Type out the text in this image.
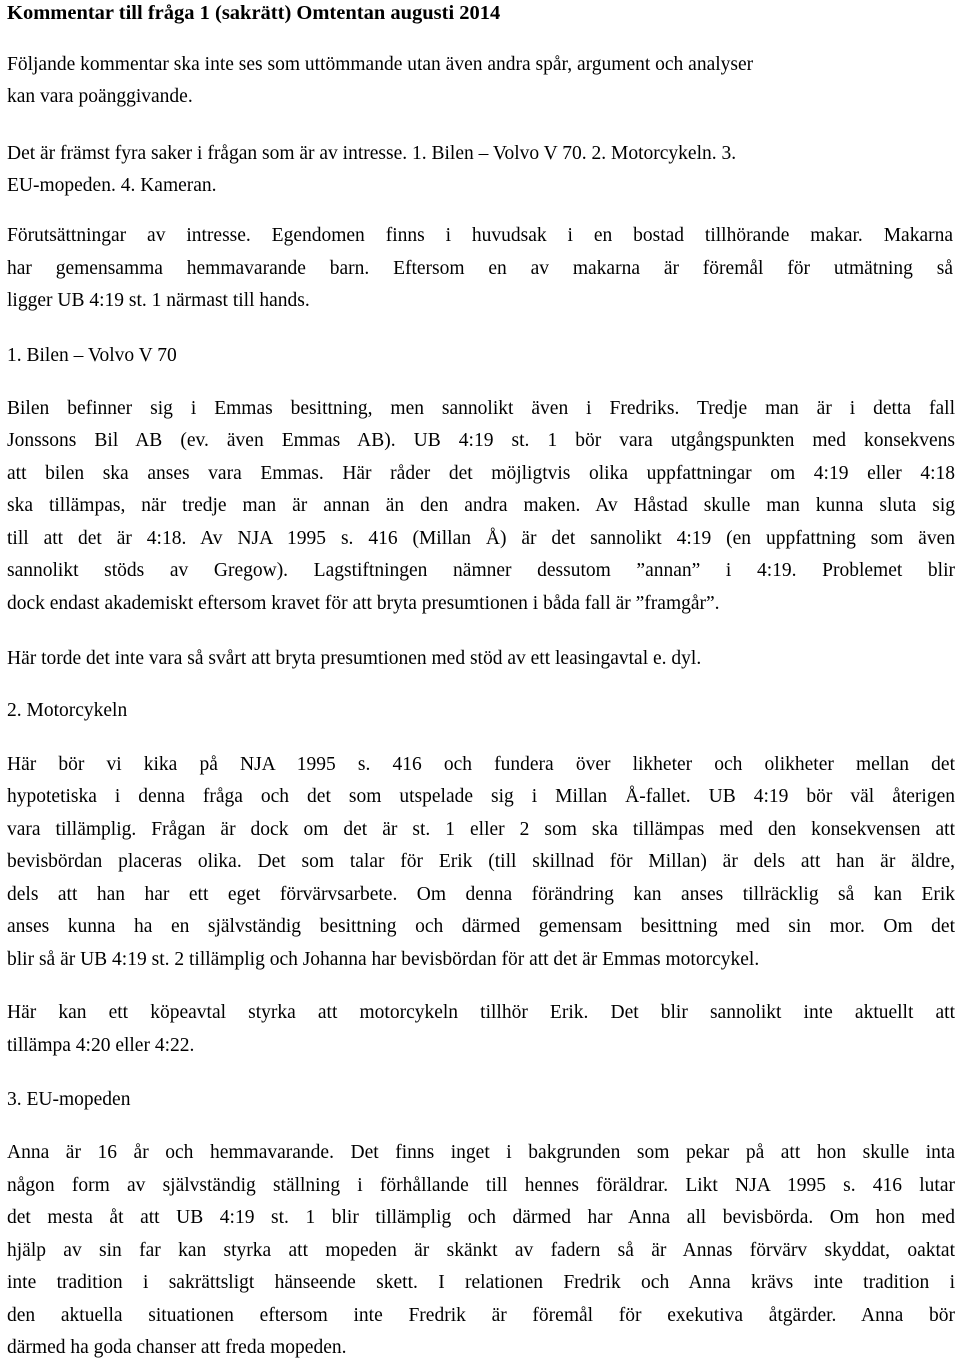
Kommentar till fråga 1 (sakrätt) Omtentan augusti 2014
Följande kommentar ska inte ses som uttömmande utan även andra spår, argument och analyser
kan vara poänggivande.
Det är främst fyra saker i frågan som är av intresse. 1. Bilen – Volvo V 70. 2. Motorcykeln. 3.
EU-mopeden. 4. Kameran.
Förutsättningar av intresse. Egendomen finns i huvudsak i en bostad tillhörande makar. Makarna
har gemensamma hemmavarande barn. Eftersom en av makarna är föremål för utmätning så
ligger UB 4:19 st. 1 närmast till hands.
1. Bilen – Volvo V 70
Bilen befinner sig i Emmas besittning, men sannolikt även i Fredriks. Tredje man är i detta fall
Jonssons Bil AB (ev. även Emmas AB). UB 4:19 st. 1 bör vara utgångspunkten med konsekvens
att bilen ska anses vara Emmas. Här råder det möjligtvis olika uppfattningar om 4:19 eller 4:18
ska tillämpas, när tredje man är annan än den andra maken. Av Håstad skulle man kunna sluta sig
till att det är 4:18. Av NJA 1995 s. 416 (Millan Å) är det sannolikt 4:19 (en uppfattning som även
sannolikt stöds av Gregow). Lagstiftningen nämner dessutom ”annan” i 4:19. Problemet blir
dock endast akademiskt eftersom kravet för att bryta presumtionen i båda fall är ”framgår”.
Här torde det inte vara så svårt att bryta presumtionen med stöd av ett leasingavtal e. dyl.
2. Motorcykeln
Här bör vi kika på NJA 1995 s. 416 och fundera över likheter och olikheter mellan det
hypotetiska i denna fråga och det som utspelade sig i Millan Å-fallet. UB 4:19 bör väl återigen
vara tillämplig. Frågan är dock om det är st. 1 eller 2 som ska tillämpas med den konsekvensen att
bevisbördan placeras olika. Det som talar för Erik (till skillnad för Millan) är dels att han är äldre,
dels att han har ett eget förvärvsarbete. Om denna förändring kan anses tillräcklig så kan Erik
anses kunna ha en självständig besittning och därmed gemensam besittning med sin mor. Om det
blir så är UB 4:19 st. 2 tillämplig och Johanna har bevisbördan för att det är Emmas motorcykel.
Här kan ett köpeavtal styrka att motorcykeln tillhör Erik. Det blir sannolikt inte aktuellt att
tillämpa 4:20 eller 4:22.
3. EU-mopeden
Anna är 16 år och hemmavarande. Det finns inget i bakgrunden som pekar på att hon skulle inta
någon form av självständig ställning i förhållande till hennes föräldrar. Likt NJA 1995 s. 416 lutar
det mesta åt att UB 4:19 st. 1 blir tillämplig och därmed har Anna all bevisbörda. Om hon med
hjälp av sin far kan styrka att mopeden är skänkt av fadern så är Annas förvärv skyddat, oaktat
inte tradition i sakrättsligt hänseende skett. I relationen Fredrik och Anna krävs inte tradition i
den aktuella situationen eftersom inte Fredrik är föremål för exekutiva åtgärder. Anna bör
därmed ha goda chanser att freda mopeden.
